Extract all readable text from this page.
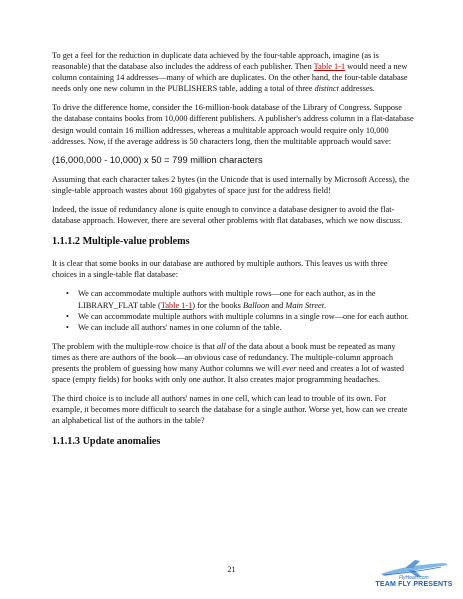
To get a feel for the reduction in duplicate data achieved by the four-table approach, imagine (as is reasonable) that the database also includes the address of each publisher. Then Table 1-1 would need a new column containing 14 addresses—many of which are duplicates. On the other hand, the four-table database needs only one new column in the PUBLISHERS table, adding a total of three distinct addresses.

To drive the difference home, consider the 16-million-book database of the Library of Congress. Suppose the database contains books from 10,000 different publishers. A publisher's address column in a flat-database design would contain 16 million addresses, whereas a multitable approach would require only 10,000 addresses. Now, if the average address is 50 characters long, then the multitable approach would save:

(16,000,000 - 10,000) x 50 = 799 million characters

Assuming that each character takes 2 bytes (in the Unicode that is used internally by Microsoft Access), the single-table approach wastes about 160 gigabytes of space just for the address field!

Indeed, the issue of redundancy alone is quite enough to convince a database designer to avoid the flat-database approach. However, there are several other problems with flat databases, which we now discuss.

1.1.1.2 Multiple-value problems

It is clear that some books in our database are authored by multiple authors. This leaves us with three choices in a single-table flat database:

• We can accommodate multiple authors with multiple rows—one for each author, as in the LIBRARY_FLAT table (Table 1-1) for the books Balloon and Main Street.
• We can accommodate multiple authors with multiple columns in a single row—one for each author.
• We can include all authors' names in one column of the table.

The problem with the multiple-row choice is that all of the data about a book must be repeated as many times as there are authors of the book—an obvious case of redundancy. The multiple-column approach presents the problem of guessing how many Author columns we will ever need and creates a lot of wasted space (empty fields) for books with only one author. It also creates major programming headaches.

The third choice is to include all authors' names in one cell, which can lead to trouble of its own. For example, it becomes more difficult to search the database for a single author. Worse yet, how can we create an alphabetical list of the authors in the table?

1.1.1.3 Update anomalies
21
FlyHeart.com
TEAM FLY PRESENTS
